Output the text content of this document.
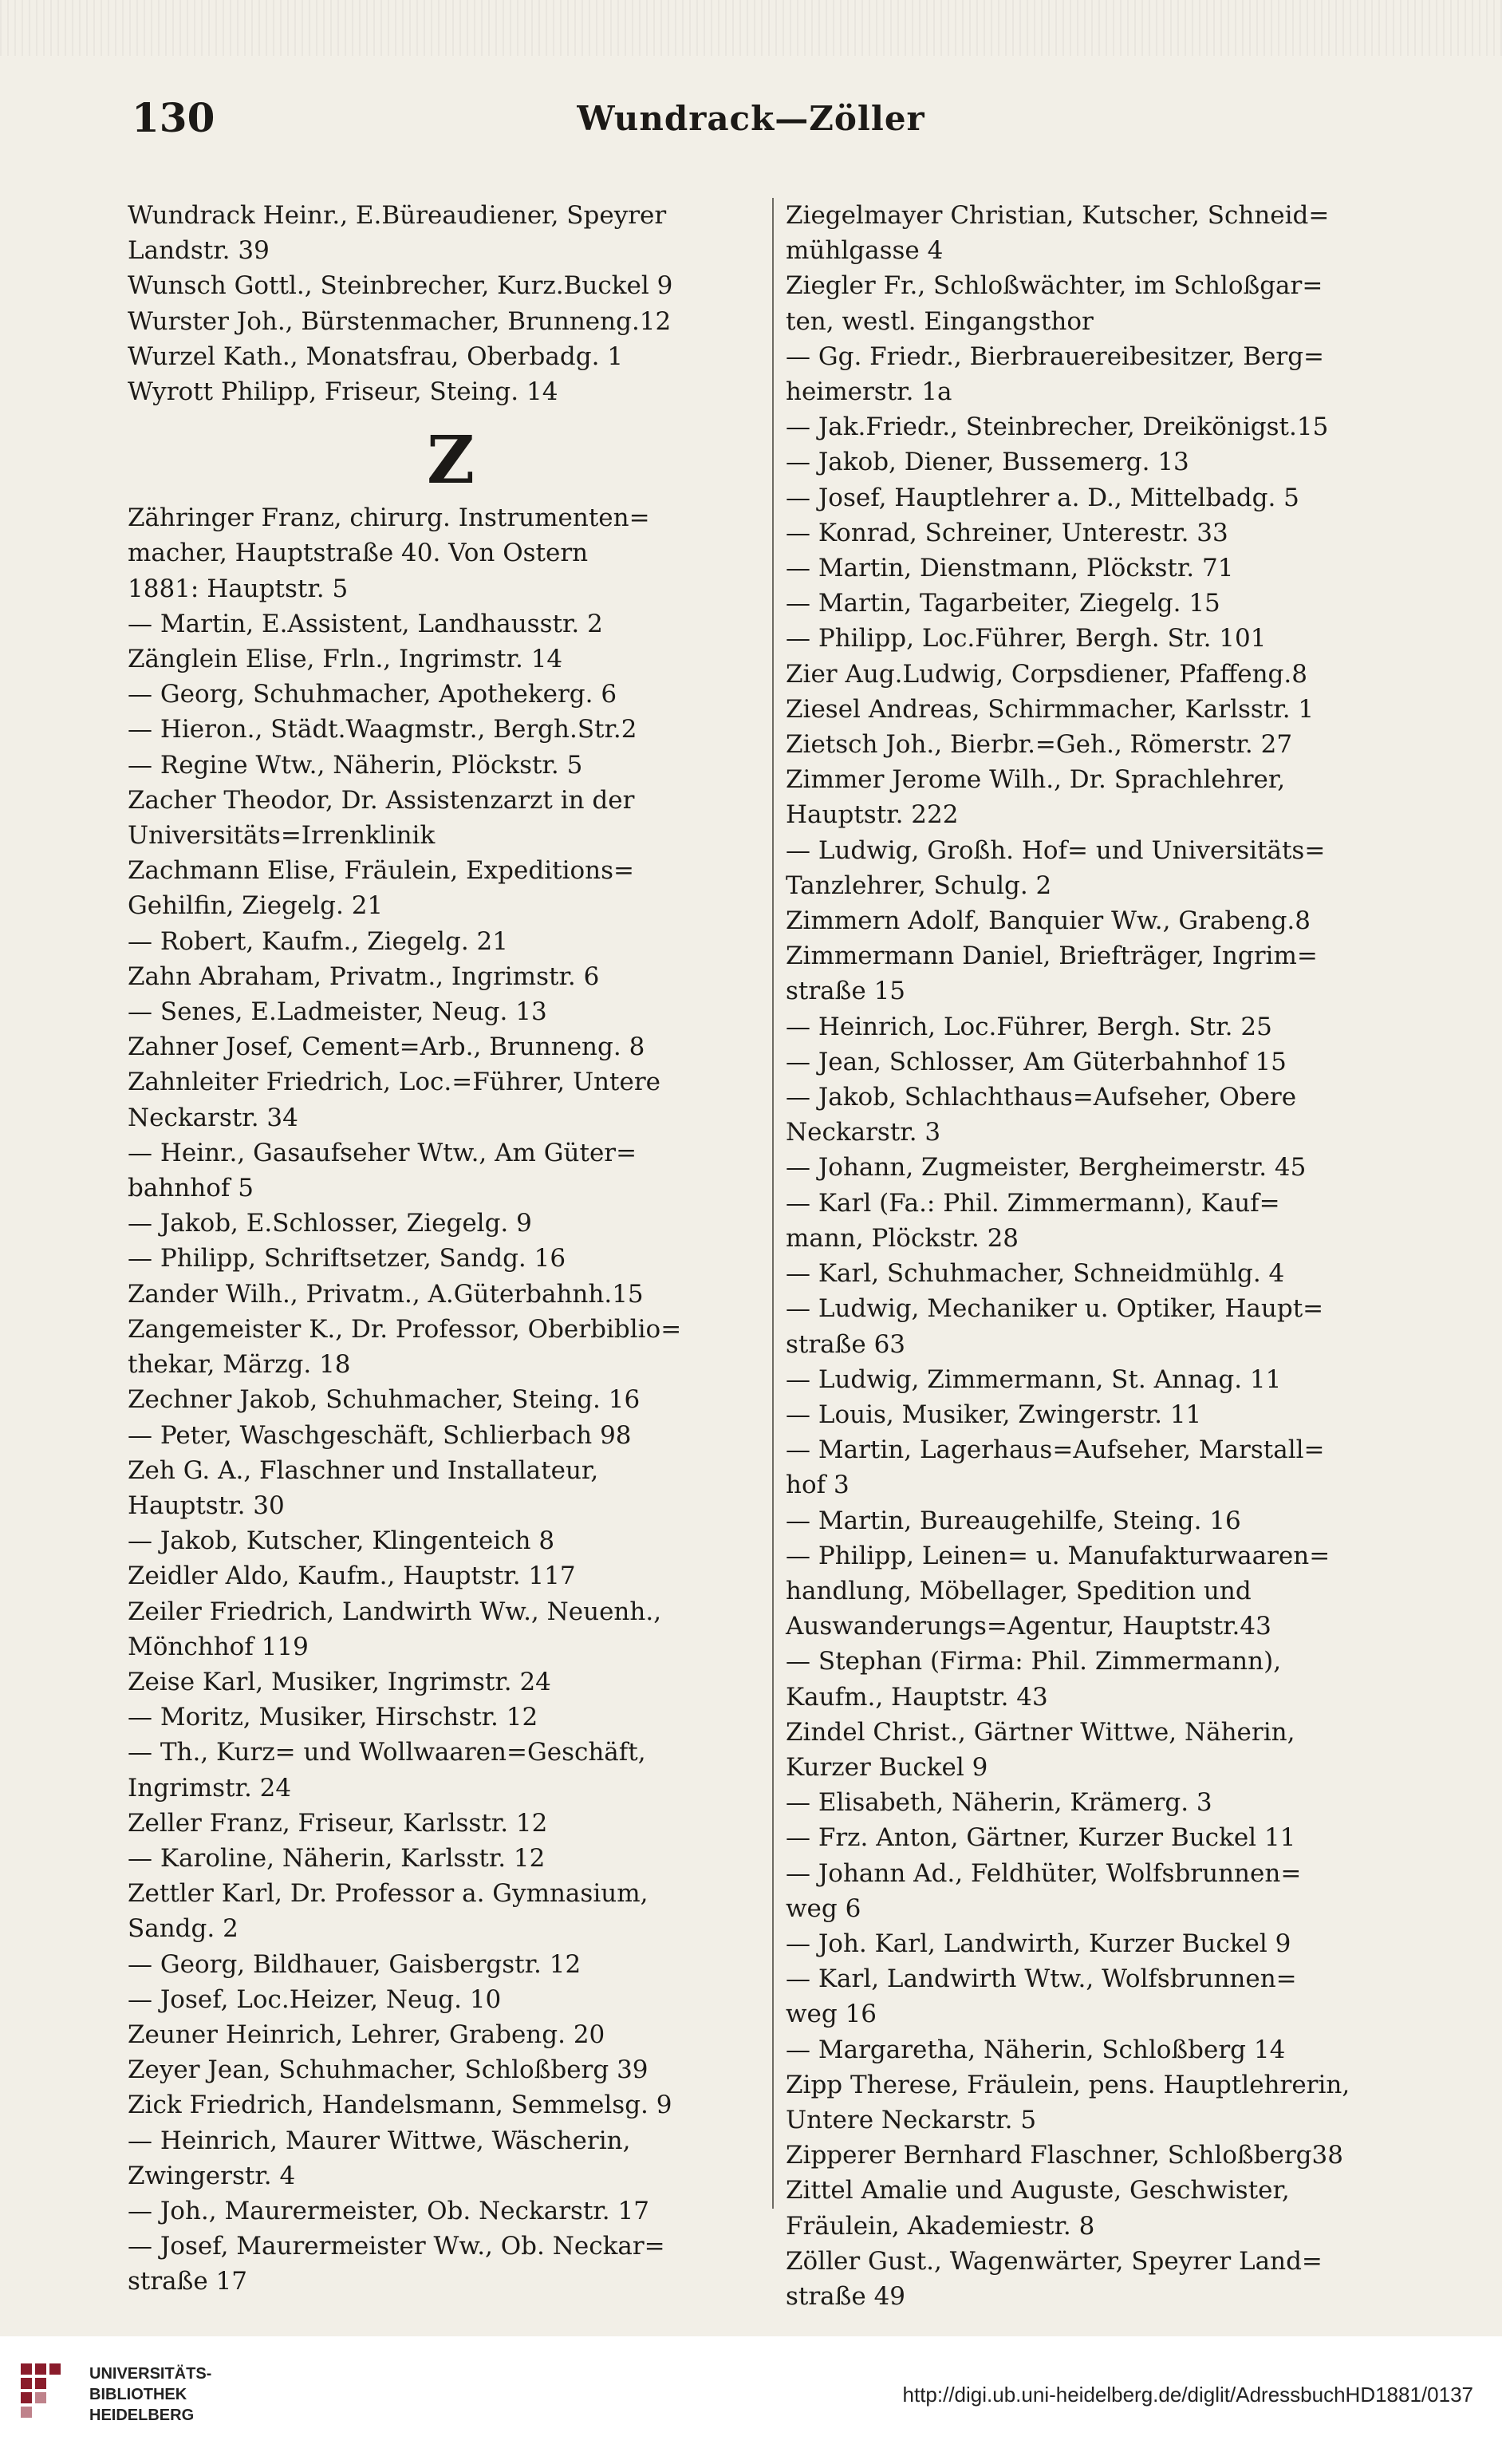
130	Wundrack—Zöller
Wundrack Heinr., E.Büreaudiener, Speyrer
Landstr. 39
Wunsch Gottl., Steinbrecher, Kurz.Buckel 9
Wurster Joh., Bürstenmacher, Brunneng.12
Wurzel Kath., Monatsfrau, Oberbadg. 1
Wyrott Philipp, Friseur, Steing. 14
Z
Zähringer Franz, chirurg. Instrumenten=
macher, Hauptstraße 40. Von Ostern
1881: Hauptstr. 5
— Martin, E.Assistent, Landhausstr. 2
Zänglein Elise, Frln., Ingrimstr. 14
— Georg, Schuhmacher, Apothekerg. 6
— Hieron., Städt.Waagmstr., Bergh.Str.2
— Regine Wtw., Näherin, Plöckstr. 5
Zacher Theodor, Dr. Assistenzarzt in der
Universitäts=Irrenklinik
Zachmann Elise, Fräulein, Expeditions=
Gehilfin, Ziegelg. 21
— Robert, Kaufm., Ziegelg. 21
Zahn Abraham, Privatm., Ingrimstr. 6
— Senes, E.Ladmeister, Neug. 13
Zahner Josef, Cement=Arb., Brunneng. 8
Zahnleiter Friedrich, Loc.=Führer, Untere
Neckarstr. 34
— Heinr., Gasaufseher Wtw., Am Güter=
bahnhof 5
— Jakob, E.Schlosser, Ziegelg. 9
— Philipp, Schriftsetzer, Sandg. 16
Zander Wilh., Privatm., A.Güterbahnh.15
Zangemeister K., Dr. Professor, Oberbiblio=
thekar, Märzg. 18
Zechner Jakob, Schuhmacher, Steing. 16
— Peter, Waschgeschäft, Schlierbach 98
Zeh G. A., Flaschner und Installateur,
Hauptstr. 30
— Jakob, Kutscher, Klingenteich 8
Zeidler Aldo, Kaufm., Hauptstr. 117
Zeiler Friedrich, Landwirth Ww., Neuenh.,
Mönchhof 119
Zeise Karl, Musiker, Ingrimstr. 24
— Moritz, Musiker, Hirschstr. 12
— Th., Kurz= und Wollwaaren=Geschäft,
Ingrimstr. 24
Zeller Franz, Friseur, Karlsstr. 12
— Karoline, Näherin, Karlsstr. 12
Zettler Karl, Dr. Professor a. Gymnasium,
Sandg. 2
— Georg, Bildhauer, Gaisbergstr. 12
— Josef, Loc.Heizer, Neug. 10
Zeuner Heinrich, Lehrer, Grabeng. 20
Zeyer Jean, Schuhmacher, Schloßberg 39
Zick Friedrich, Handelsmann, Semmelsg. 9
— Heinrich, Maurer Wittwe, Wäscherin,
Zwingerstr. 4
— Joh., Maurermeister, Ob. Neckarstr. 17
— Josef, Maurermeister Ww., Ob. Neckar=
straße 17
Ziegelmayer Christian, Kutscher, Schneid=
mühlgasse 4
Ziegler Fr., Schloßwächter, im Schloßgar=
ten, westl. Eingangsthor
— Gg. Friedr., Bierbrauereibesitzer, Berg=
heimerstr. 1a
— Jak.Friedr., Steinbrecher, Dreikönigst.15
— Jakob, Diener, Bussemerg. 13
— Josef, Hauptlehrer a. D., Mittelbadg. 5
— Konrad, Schreiner, Unterestr. 33
— Martin, Dienstmann, Plöckstr. 71
— Martin, Tagarbeiter, Ziegelg. 15
— Philipp, Loc.Führer, Bergh. Str. 101
Zier Aug.Ludwig, Corpsdiener, Pfaffeng.8
Ziesel Andreas, Schirmmacher, Karlsstr. 1
Zietsch Joh., Bierbr.=Geh., Römerstr. 27
Zimmer Jerome Wilh., Dr. Sprachlehrer,
Hauptstr. 222
— Ludwig, Großh. Hof= und Universitäts=
Tanzlehrer, Schulg. 2
Zimmern Adolf, Banquier Ww., Grabeng.8
Zimmermann Daniel, Briefträger, Ingrim=
straße 15
— Heinrich, Loc.Führer, Bergh. Str. 25
— Jean, Schlosser, Am Güterbahnhof 15
— Jakob, Schlachthaus=Aufseher, Obere
Neckarstr. 3
— Johann, Zugmeister, Bergheimerstr. 45
— Karl (Fa.: Phil. Zimmermann), Kauf=
mann, Plöckstr. 28
— Karl, Schuhmacher, Schneidmühlg. 4
— Ludwig, Mechaniker u. Optiker, Haupt=
straße 63
— Ludwig, Zimmermann, St. Annag. 11
— Louis, Musiker, Zwingerstr. 11
— Martin, Lagerhaus=Aufseher, Marstall=
hof 3
— Martin, Bureaugehilfe, Steing. 16
— Philipp, Leinen= u. Manufakturwaaren=
handlung, Möbellager, Spedition und
Auswanderungs=Agentur, Hauptstr.43
— Stephan (Firma: Phil. Zimmermann),
Kaufm., Hauptstr. 43
Zindel Christ., Gärtner Wittwe, Näherin,
Kurzer Buckel 9
— Elisabeth, Näherin, Krämerg. 3
— Frz. Anton, Gärtner, Kurzer Buckel 11
— Johann Ad., Feldhüter, Wolfsbrunnen=
weg 6
— Joh. Karl, Landwirth, Kurzer Buckel 9
— Karl, Landwirth Wtw., Wolfsbrunnen=
weg 16
— Margaretha, Näherin, Schloßberg 14
Zipp Therese, Fräulein, pens. Hauptlehrerin,
Untere Neckarstr. 5
Zipperer Bernhard Flaschner, Schloßberg38
Zittel Amalie und Auguste, Geschwister,
Fräulein, Akademiestr. 8
Zöller Gust., Wagenwärter, Speyrer Land=
straße 49
UNIVERSITÄTS-
BIBLIOTHEK
HEIDELBERG
http://digi.ub.uni-heidelberg.de/diglit/AdressbuchHD1881/0137
